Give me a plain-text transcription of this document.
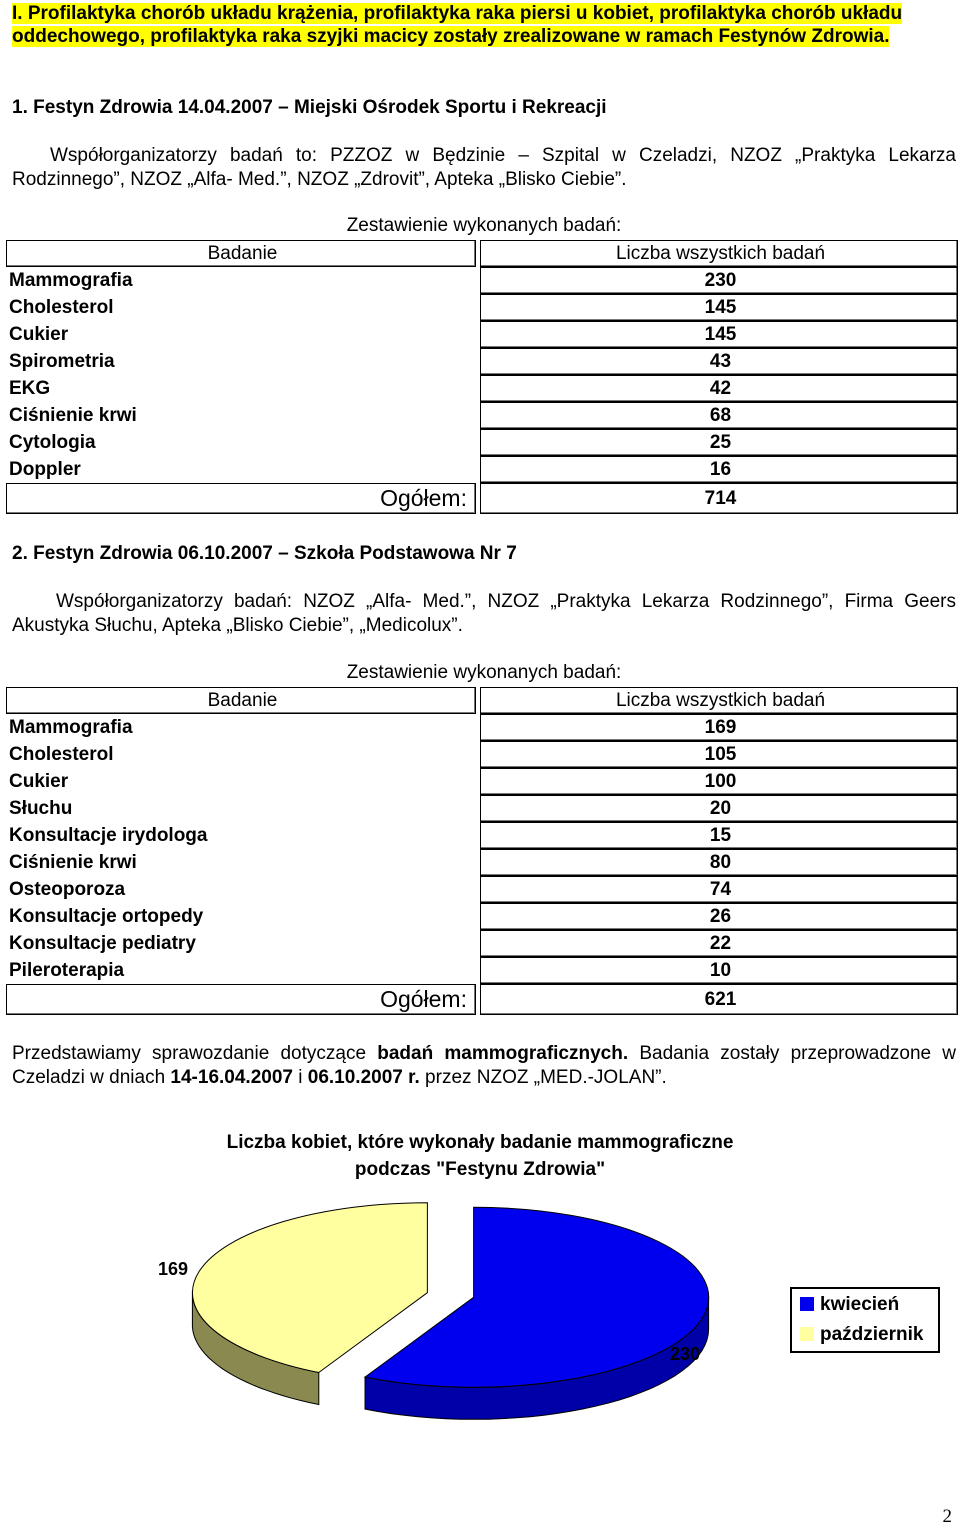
I. Profilaktyka chorób układu krążenia, profilaktyka raka piersi u kobiet, profilaktyka chorób układu oddechowego, profilaktyka raka szyjki macicy zostały zrealizowane w ramach Festynów Zdrowia.
1. Festyn Zdrowia 14.04.2007 – Miejski Ośrodek Sportu i Rekreacji
Współorganizatorzy badań to: PZZOZ w Będzinie – Szpital w Czeladzi, NZOZ „Praktyka Lekarza Rodzinnego”, NZOZ „Alfa- Med.”, NZOZ „Zdrovit”, Apteka „Blisko Ciebie”.
Zestawienie wykonanych badań:
Badanie		Liczba wszystkich badań
Mammografia		230
Cholesterol		145
Cukier		145
Spirometria		43
EKG		42
Ciśnienie krwi		68
Cytologia		25
Doppler		16
Ogółem:		714
2. Festyn Zdrowia 06.10.2007 – Szkoła Podstawowa Nr 7
Współorganizatorzy badań: NZOZ „Alfa- Med.”, NZOZ „Praktyka Lekarza Rodzinnego”, Firma Geers Akustyka Słuchu, Apteka „Blisko Ciebie”, „Medicolux”.
Zestawienie wykonanych badań:
Badanie		Liczba wszystkich badań
Mammografia		169
Cholesterol		105
Cukier		100
Słuchu		20
Konsultacje irydologa		15
Ciśnienie krwi		80
Osteoporoza		74
Konsultacje ortopedy		26
Konsultacje pediatry		22
Pileroterapia		10
Ogółem:		621
Przedstawiamy sprawozdanie dotyczące badań mammograficznych. Badania zostały przeprowadzone w Czeladzi w dniach 14-16.04.2007 i 06.10.2007 r. przez NZOZ „MED.-JOLAN”.
Liczba kobiet, które wykonały badanie mammograficzne
podczas "Festynu Zdrowia"
230
169
kwiecień
październik
2
